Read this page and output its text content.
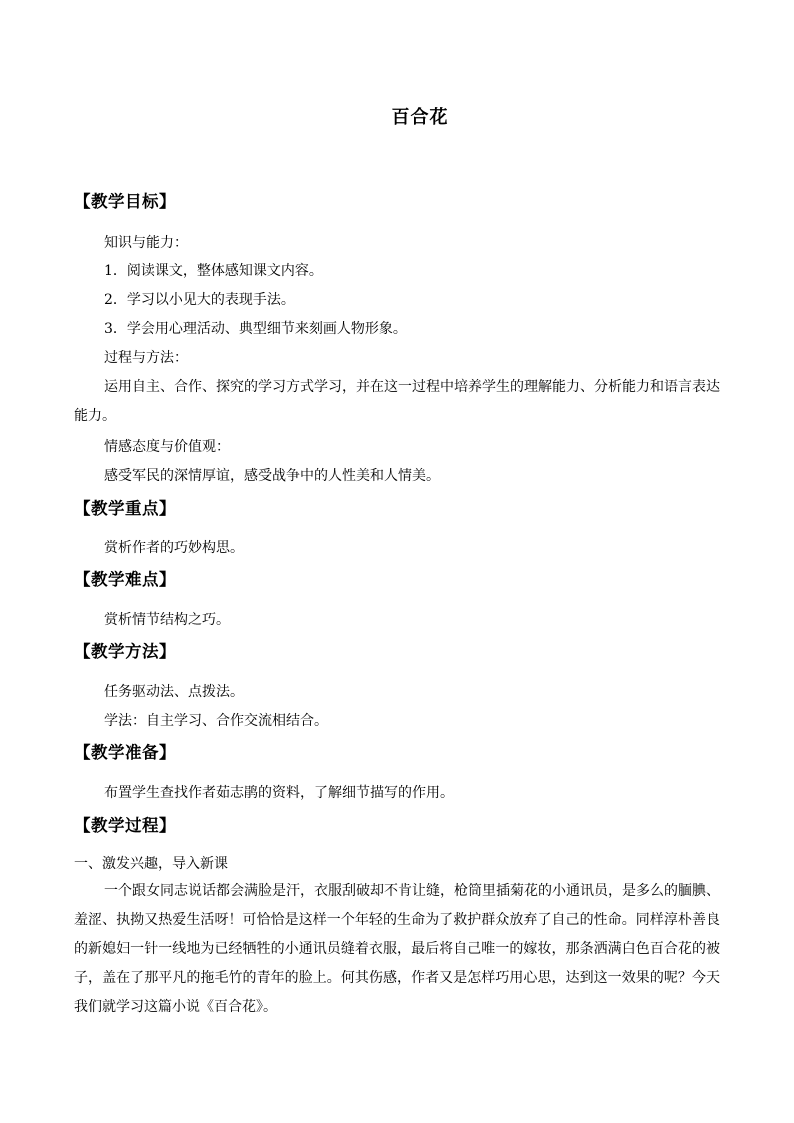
百合花
【教学目标】
知识与能力：
1．阅读课文，整体感知课文内容。
2．学习以小见大的表现手法。
3．学会用心理活动、典型细节来刻画人物形象。
过程与方法：
运用自主、合作、探究的学习方式学习，并在这一过程中培养学生的理解能力、分析能力和语言表达能力。
情感态度与价值观：
感受军民的深情厚谊，感受战争中的人性美和人情美。
【教学重点】
赏析作者的巧妙构思。
【教学难点】
赏析情节结构之巧。
【教学方法】
任务驱动法、点拨法。
学法：自主学习、合作交流相结合。
【教学准备】
布置学生查找作者茹志鹃的资料，了解细节描写的作用。
【教学过程】
一、激发兴趣，导入新课
一个跟女同志说话都会满脸是汗，衣服刮破却不肯让缝，枪筒里插菊花的小通讯员，是多么的腼腆、羞涩、执拗又热爱生活呀！可恰恰是这样一个年轻的生命为了救护群众放弃了自己的性命。同样淳朴善良的新媳妇一针一线地为已经牺牲的小通讯员缝着衣服，最后将自己唯一的嫁妆，那条洒满白色百合花的被子，盖在了那平凡的拖毛竹的青年的脸上。何其伤感，作者又是怎样巧用心思，达到这一效果的呢？今天我们就学习这篇小说《百合花》。
